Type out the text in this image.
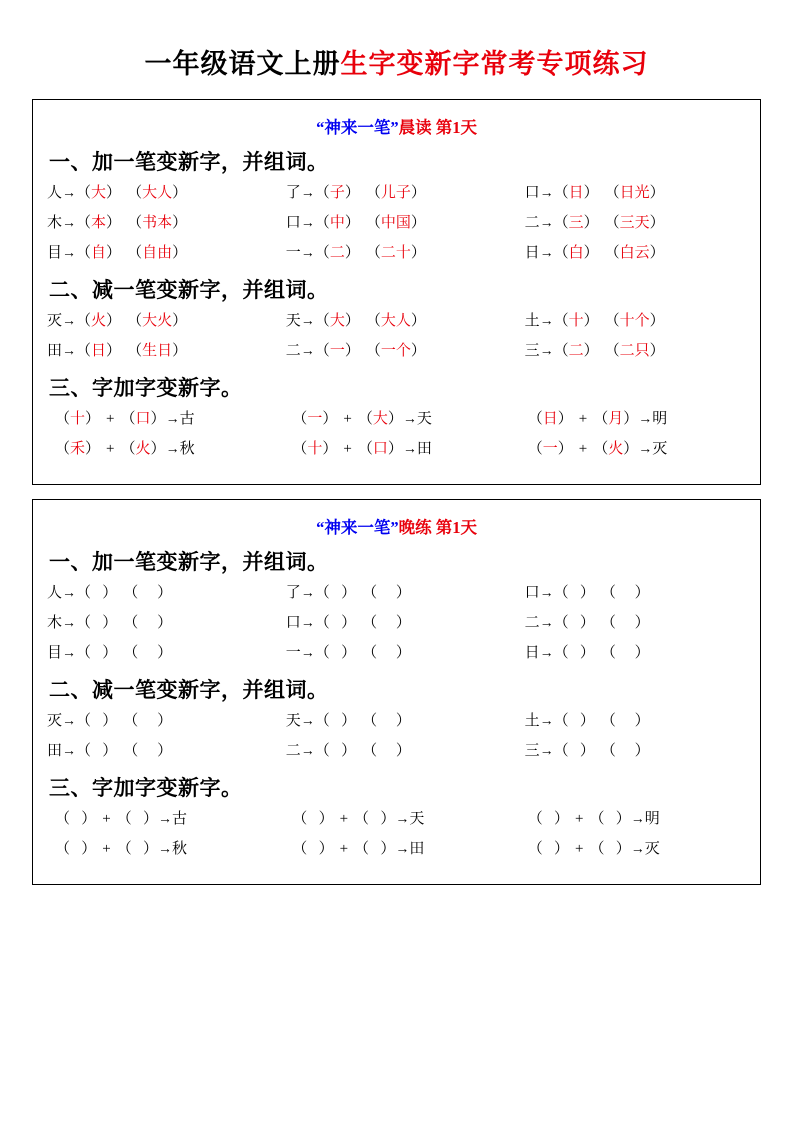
一年级语文上册生字变新字常考专项练习
“神来一笔”晨读 第1天
一、加一笔变新字，并组词。
人→（大） （大人）	了→（子） （儿子）	口→（日） （日光）
木→（本） （书本）	口→（中） （中国）	二→（三） （三天）
目→（自） （自由）	一→（二） （二十）	日→（白） （白云）
二、减一笔变新字，并组词。
灭→（火） （大火）	天→（大） （大人）	土→（十） （十个）
田→（日） （生日）	二→（一） （一个）	三→（二） （二只）
三、字加字变新字。
（十） + （口）→古	（一） + （大）→天	（日） + （月）→明
（禾） + （火）→秋	（十） + （口）→田	（一） + （火）→灭
“神来一笔”晚练 第1天
一、加一笔变新字，并组词。
人→（ ） （ ）	了→（ ） （ ）	口→（ ） （ ）
木→（ ） （ ）	口→（ ） （ ）	二→（ ） （ ）
目→（ ） （ ）	一→（ ） （ ）	日→（ ） （ ）
二、减一笔变新字，并组词。
灭→（ ） （ ）	天→（ ） （ ）	土→（ ） （ ）
田→（ ） （ ）	二→（ ） （ ）	三→（ ） （ ）
三、字加字变新字。
（ ） + （ ）→古	（ ） + （ ）→天	（ ） + （ ）→明
（ ） + （ ）→秋	（ ） + （ ）→田	（ ） + （ ）→灭
